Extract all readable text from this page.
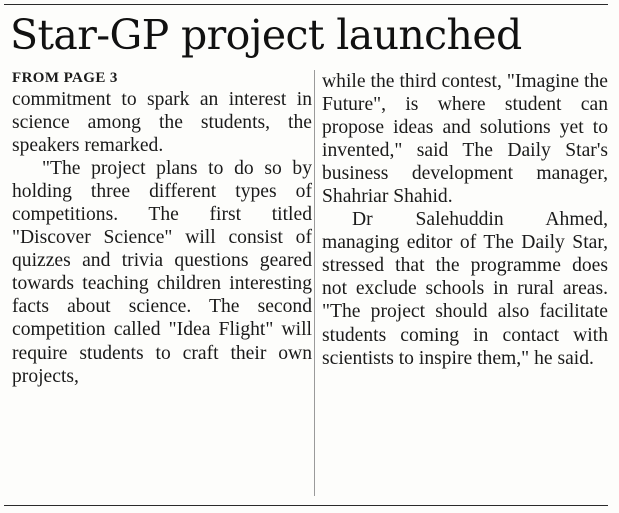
Star-GP project launched
FROM PAGE 3

commitment to spark an interest in science among the students, the speakers remarked.

"The project plans to do so by holding three different types of competitions. The first titled "Discover Science" will consist of quizzes and trivia questions geared towards teaching children interesting facts about science. The second competition called "Idea Flight" will require students to craft their own projects,

while the third contest, "Imagine the Future", is where student can propose ideas and solutions yet to invented," said The Daily Star's business development manager, Shahriar Shahid.

Dr Salehuddin Ahmed, managing editor of The Daily Star, stressed that the programme does not exclude schools in rural areas. "The project should also facilitate students coming in contact with scientists to inspire them," he said.
